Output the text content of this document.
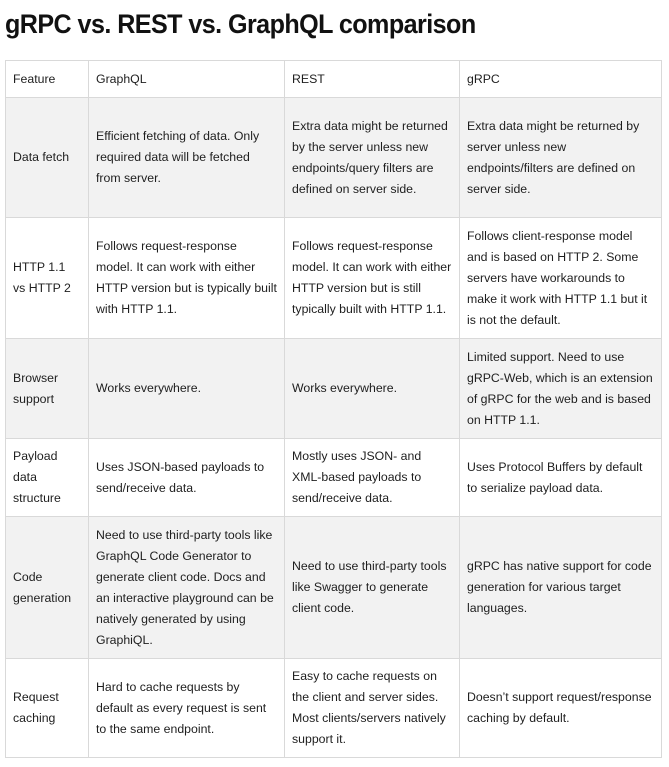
gRPC vs. REST vs. GraphQL comparison
Feature	GraphQL	REST	gRPC
Data fetch	Efficient fetching of data. Only required data will be fetched from server.	Extra data might be returned by the server unless new endpoints/query filters are defined on server side.	Extra data might be returned by server unless new endpoints/filters are defined on server side.
HTTP 1.1 vs HTTP 2	Follows request-response model. It can work with either HTTP version but is typically built with HTTP 1.1.	Follows request-response model. It can work with either HTTP version but is still typically built with HTTP 1.1.	Follows client-response model and is based on HTTP 2. Some servers have workarounds to make it work with HTTP 1.1 but it is not the default.
Browser support	Works everywhere.	Works everywhere.	Limited support. Need to use gRPC-Web, which is an extension of gRPC for the web and is based on HTTP 1.1.
Payload data structure	Uses JSON-based payloads to send/receive data.	Mostly uses JSON- and XML-based payloads to send/receive data.	Uses Protocol Buffers by default to serialize payload data.
Code generation	Need to use third-party tools like GraphQL Code Generator to generate client code. Docs and an interactive playground can be natively generated by using GraphiQL.	Need to use third-party tools like Swagger to generate client code.	gRPC has native support for code generation for various target languages.
Request caching	Hard to cache requests by default as every request is sent to the same endpoint.	Easy to cache requests on the client and server sides. Most clients/servers natively support it.	Doesn’t support request/response caching by default.
